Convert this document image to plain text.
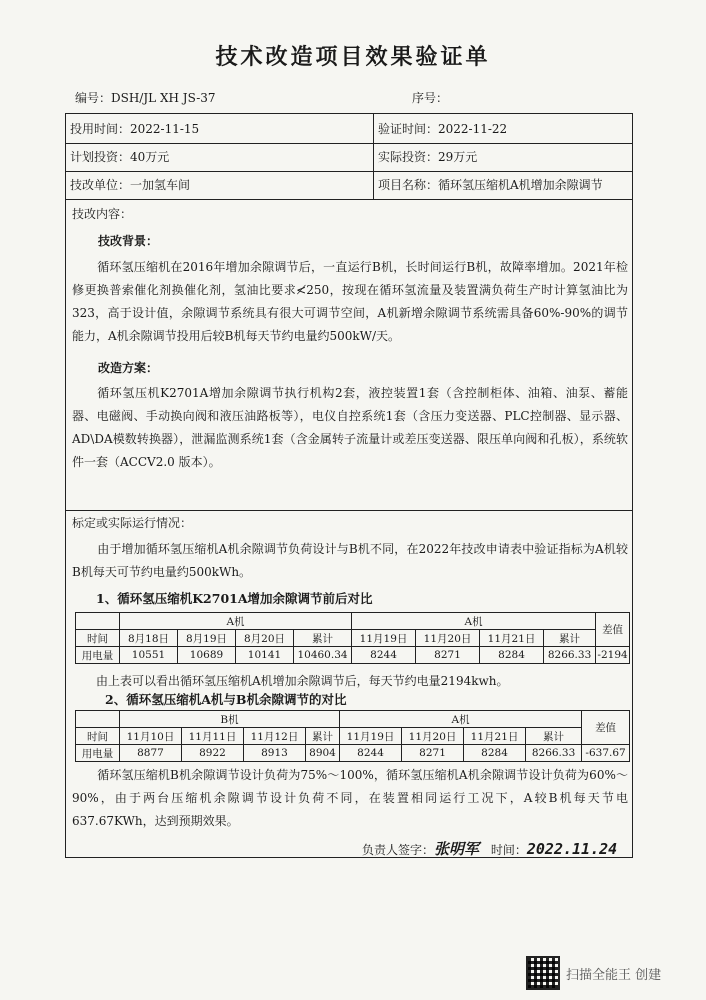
技术改造项目效果验证单
编号：DSH/JL XH JS-37	序号：
投用时间：2022-11-15	验证时间：2022-11-22
计划投资：40万元	实际投资：29万元
技改单位：一加氢车间	项目名称：循环氢压缩机A机增加余隙调节

技改内容：

技改背景：

循环氢压缩机在2016年增加余隙调节后，一直运行B机，长时间运行B机，故障率增加。2021年检修更换普索催化剂换催化剂，氢油比要求≮250，按现在循环氢流量及装置满负荷生产时计算氢油比为323，高于设计值，余隙调节系统具有很大可调节空间，A机新增余隙调节系统需具备60%-90%的调节能力，A机余隙调节投用后较B机每天节约电量约500kW/天。

改造方案：

循环氢压机K2701A增加余隙调节执行机构2套，液控装置1套（含控制柜体、油箱、油泵、蓄能器、电磁阀、手动换向阀和液压油路板等），电仪自控系统1套（含压力变送器、PLC控制器、显示器、AD\DA模数转换器），泄漏监测系统1套（含金属转子流量计或差压变送器、限压单向阀和孔板），系统软件一套（ACCV2.0 版本）。

标定或实际运行情况：

由于增加循环氢压缩机A机余隙调节负荷设计与B机不同，在2022年技改申请表中验证指标为A机较B机每天可节约电量约500kWh。

1、循环氢压缩机K2701A增加余隙调节前后对比
	A机				A机				差值
时间	8月18日	8月19日	8月20日	累计	11月19日	11月20日	11月21日	累计	
用电量	10551	10689	10141	10460.34	8244	8271	8284	8266.33	-2194
由上表可以看出循环氢压缩机A机增加余隙调节后，每天节约电量2194kwh。
2、循环氢压缩机A机与B机余隙调节的对比
	B机				A机				差值
时间	11月10日	11月11日	11月12日	累计	11月19日	11月20日	11月21日	累计	
用电量	8877	8922	8913	8904	8244	8271	8284	8266.33	-637.67

循环氢压缩机B机余隙调节设计负荷为75%～100%，循环氢压缩机A机余隙调节设计负荷为60%～90%，由于两台压缩机余隙调节设计负荷不同，在装置相同运行工况下，A较B机每天节电637.67KWh，达到预期效果。

负责人签字：张明军 时间：2022.11.24
扫描全能王 创建
